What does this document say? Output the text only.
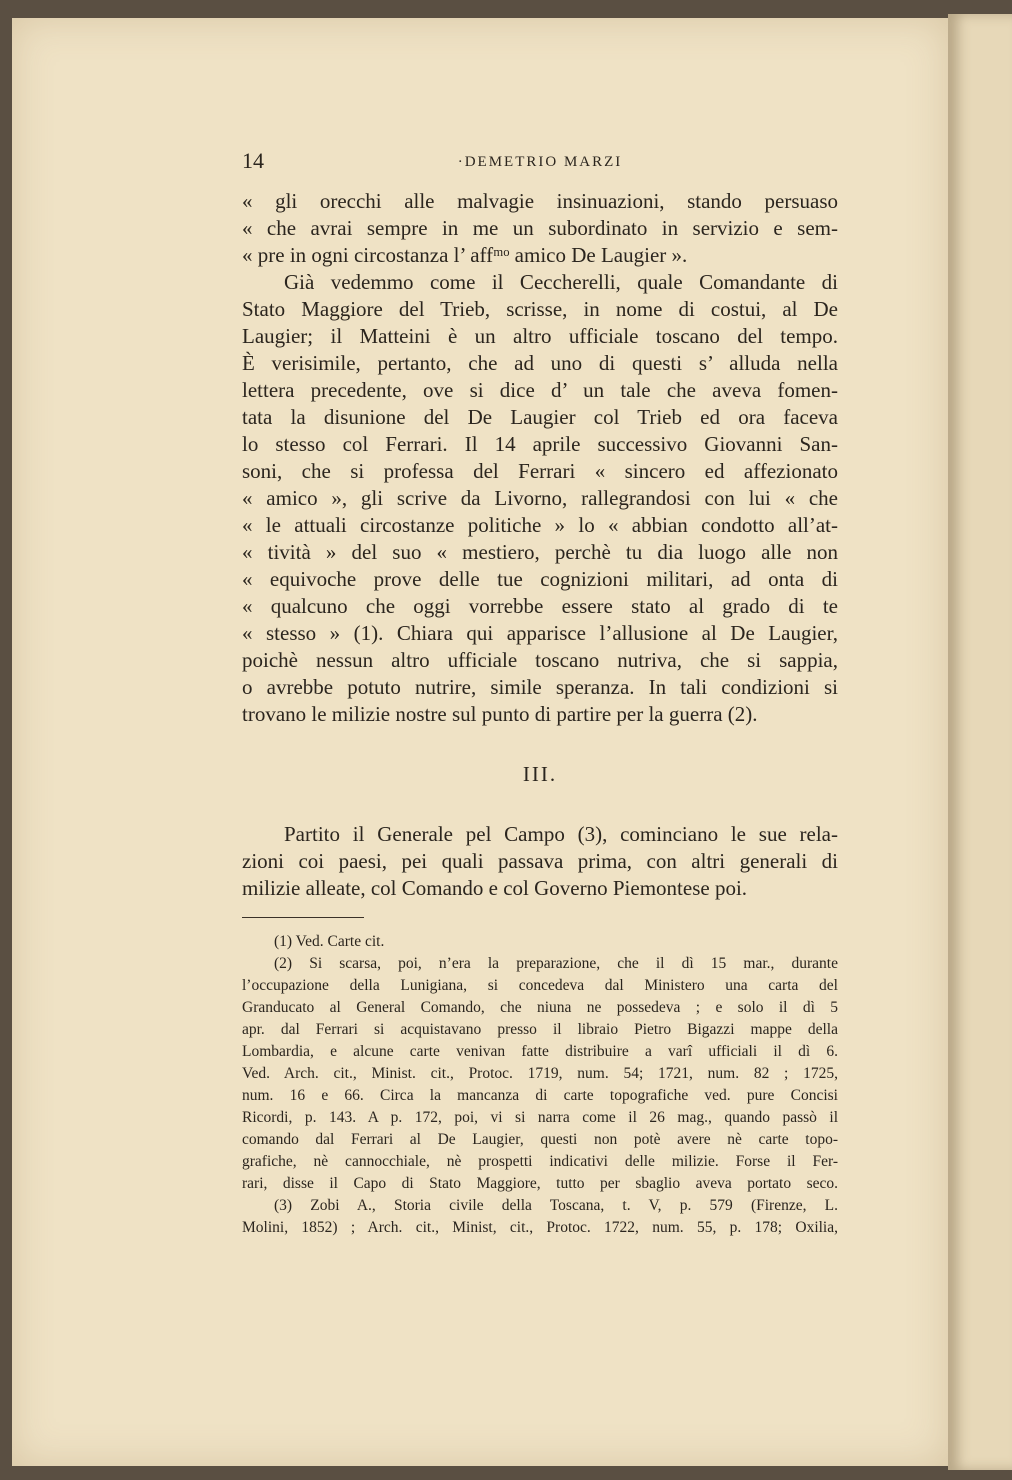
14	·DEMETRIO MARZI
« gli orecchi alle malvagie insinuazioni, stando persuaso
« che avrai sempre in me un subordinato in servizio e sem-
« pre in ogni circostanza l’ affᵐᵒ amico De Laugier ».
Già vedemmo come il Ceccherelli, quale Comandante di
Stato Maggiore del Trieb, scrisse, in nome di costui, al De
Laugier; il Matteini è un altro ufficiale toscano del tempo.
È verisimile, pertanto, che ad uno di questi s’ alluda nella
lettera precedente, ove si dice d’ un tale che aveva fomen-
tata la disunione del De Laugier col Trieb ed ora faceva
lo stesso col Ferrari. Il 14 aprile successivo Giovanni San-
soni, che si professa del Ferrari « sincero ed affezionato
« amico », gli scrive da Livorno, rallegrandosi con lui « che
« le attuali circostanze politiche » lo « abbian condotto all’at-
« tività » del suo « mestiero, perchè tu dia luogo alle non
« equivoche prove delle tue cognizioni militari, ad onta di
« qualcuno che oggi vorrebbe essere stato al grado di te
« stesso » (1). Chiara qui apparisce l’allusione al De Laugier,
poichè nessun altro ufficiale toscano nutriva, che si sappia,
o avrebbe potuto nutrire, simile speranza. In tali condizioni si
trovano le milizie nostre sul punto di partire per la guerra (2).
III.
Partito il Generale pel Campo (3), cominciano le sue rela-
zioni coi paesi, pei quali passava prima, con altri generali di
milizie alleate, col Comando e col Governo Piemontese poi.
(1) Ved. Carte cit.
(2) Si scarsa, poi, n’era la preparazione, che il dì 15 mar., durante
l’occupazione della Lunigiana, si concedeva dal Ministero una carta del
Granducato al General Comando, che niuna ne possedeva ; e solo il dì 5
apr. dal Ferrari si acquistavano presso il libraio Pietro Bigazzi mappe della
Lombardia, e alcune carte venivan fatte distribuire a varî ufficiali il dì 6.
Ved. Arch. cit., Minist. cit., Protoc. 1719, num. 54; 1721, num. 82 ; 1725,
num. 16 e 66. Circa la mancanza di carte topografiche ved. pure Concisi
Ricordi, p. 143. A p. 172, poi, vi si narra come il 26 mag., quando passò il
comando dal Ferrari al De Laugier, questi non potè avere nè carte topo-
grafiche, nè cannocchiale, nè prospetti indicativi delle milizie. Forse il Fer-
rari, disse il Capo di Stato Maggiore, tutto per sbaglio aveva portato seco.
(3) Zobi A., Storia civile della Toscana, t. V, p. 579 (Firenze, L.
Molini, 1852) ; Arch. cit., Minist, cit., Protoc. 1722, num. 55, p. 178; Oxilia,
